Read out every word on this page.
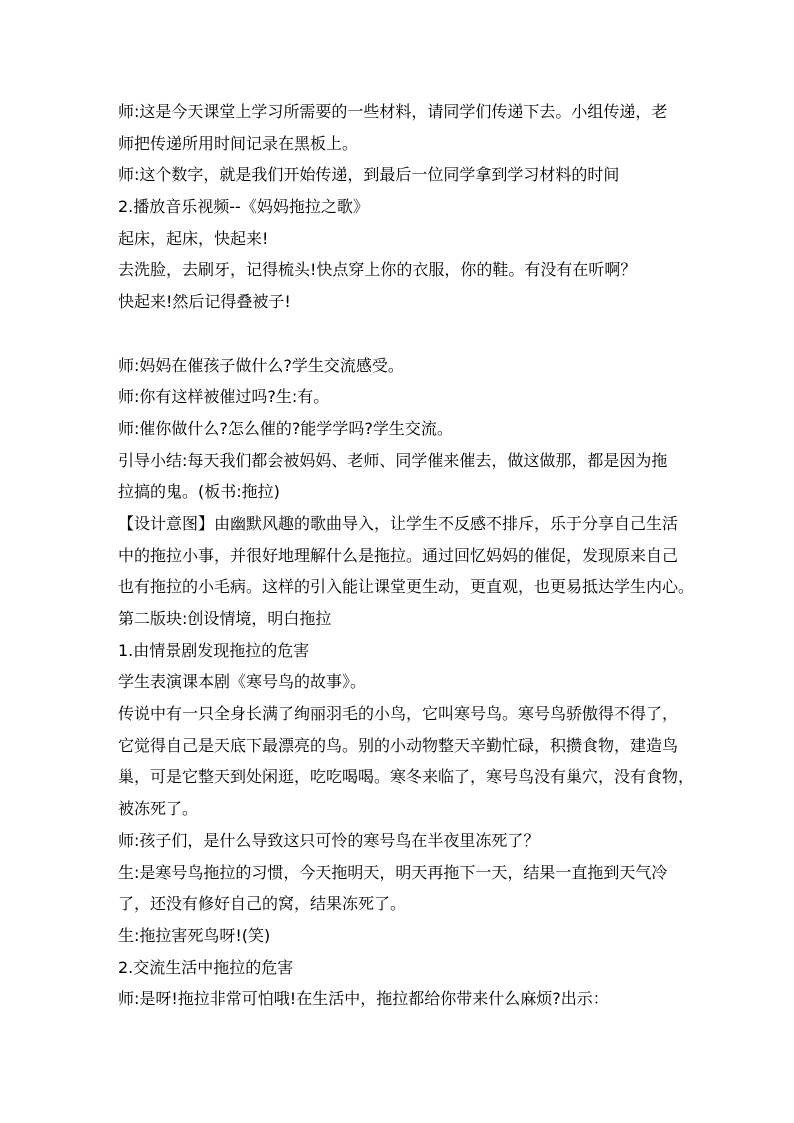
师:这是今天课堂上学习所需要的一些材料，请同学们传递下去。小组传递，老
师把传递所用时间记录在黑板上。
师:这个数字，就是我们开始传递，到最后一位同学拿到学习材料的时间
2.播放音乐视频--《妈妈拖拉之歌》
起床，起床，快起来!
去洗脸，去刷牙，记得梳头!快点穿上你的衣服，你的鞋。有没有在听啊？
快起来!然后记得叠被子!
师:妈妈在催孩子做什么?学生交流感受。
师:你有这样被催过吗?生:有。
师:催你做什么?怎么催的?能学学吗?学生交流。
引导小结:每天我们都会被妈妈、老师、同学催来催去，做这做那，都是因为拖
拉搞的鬼。(板书:拖拉)
【设计意图】由幽默风趣的歌曲导入，让学生不反感不排斥，乐于分享自己生活
中的拖拉小事，并很好地理解什么是拖拉。通过回忆妈妈的催促，发现原来自己
也有拖拉的小毛病。这样的引入能让课堂更生动，更直观，也更易抵达学生内心。
第二版块:创设情境，明白拖拉
1.由情景剧发现拖拉的危害
学生表演课本剧《寒号鸟的故事》。
传说中有一只全身长满了绚丽羽毛的小鸟，它叫寒号鸟。寒号鸟骄傲得不得了，
它觉得自己是天底下最漂亮的鸟。别的小动物整天辛勤忙碌，积攒食物，建造鸟
巢，可是它整天到处闲逛，吃吃喝喝。寒冬来临了，寒号鸟没有巢穴，没有食物，
被冻死了。
师:孩子们，是什么导致这只可怜的寒号鸟在半夜里冻死了？
生:是寒号鸟拖拉的习惯，今天拖明天，明天再拖下一天，结果一直拖到天气冷
了，还没有修好自己的窝，结果冻死了。
生:拖拉害死鸟呀!(笑)
2.交流生活中拖拉的危害
师:是呀!拖拉非常可怕哦!在生活中，拖拉都给你带来什么麻烦?出示：
